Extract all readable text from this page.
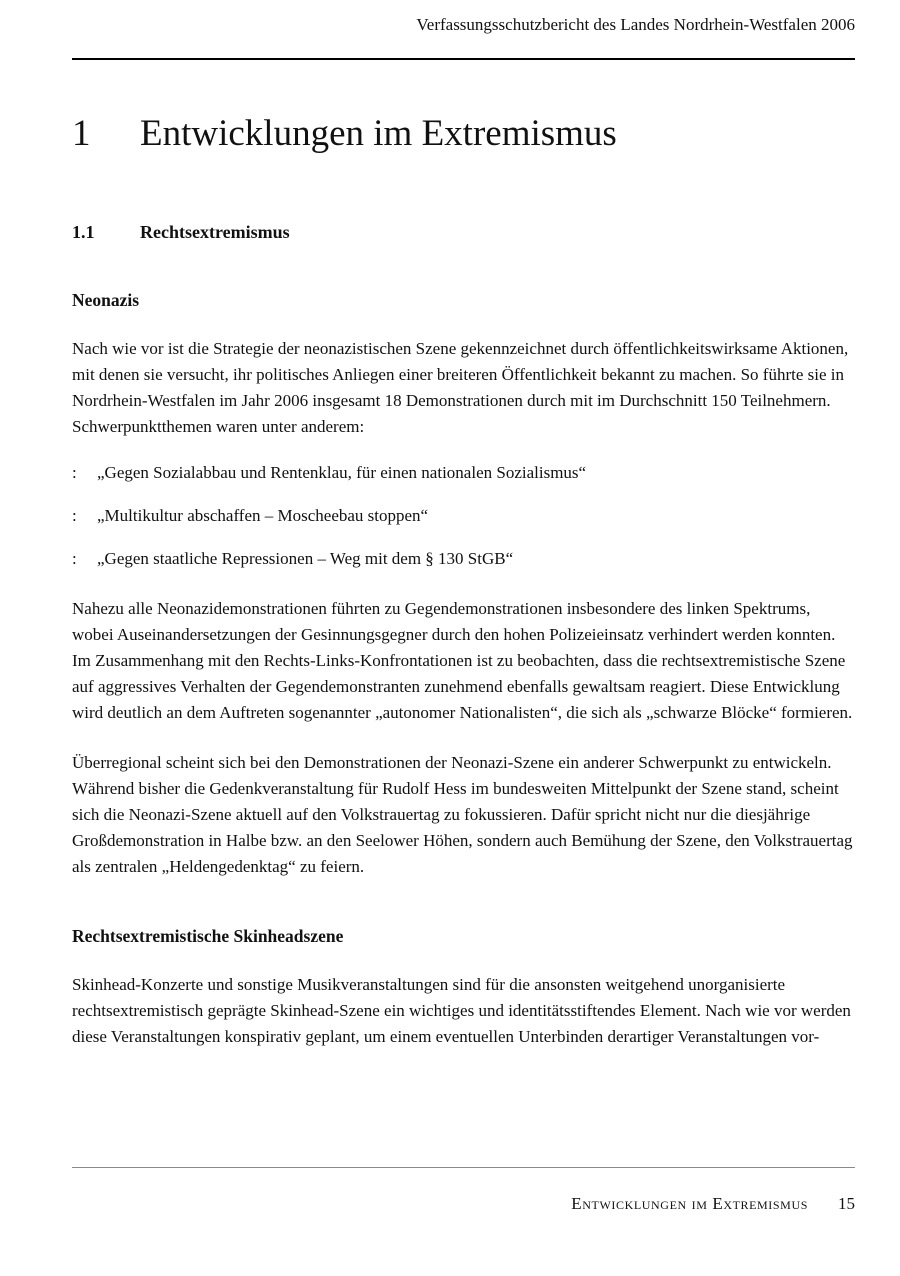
Verfassungsschutzbericht des Landes Nordrhein-Westfalen 2006
1	Entwicklungen im Extremismus
1.1	Rechtsextremismus
Neonazis

Nach wie vor ist die Strategie der neonazistischen Szene gekennzeichnet durch öffentlichkeitswirksame Aktionen, mit denen sie versucht, ihr politisches Anliegen einer breiteren Öffentlichkeit bekannt zu machen. So führte sie in Nordrhein-Westfalen im Jahr 2006 insgesamt 18 Demonstrationen durch mit im Durchschnitt 150 Teilnehmern. Schwerpunktthemen waren unter anderem:

:	„Gegen Sozialabbau und Rentenklau, für einen nationalen Sozialismus“
:	„Multikultur abschaffen – Moscheebau stoppen“
:	„Gegen staatliche Repressionen – Weg mit dem § 130 StGB“

Nahezu alle Neonazidemonstrationen führten zu Gegendemonstrationen insbesondere des linken Spektrums, wobei Auseinandersetzungen der Gesinnungsgegner durch den hohen Polizeieinsatz verhindert werden konnten. Im Zusammenhang mit den Rechts-Links-Konfrontationen ist zu beobachten, dass die rechtsextremistische Szene auf aggressives Verhalten der Gegendemonstranten zunehmend ebenfalls gewaltsam reagiert. Diese Entwicklung wird deutlich an dem Auftreten sogenannter „autonomer Nationalisten“, die sich als „schwarze Blöcke“ formieren.

Überregional scheint sich bei den Demonstrationen der Neonazi-Szene ein anderer Schwerpunkt zu entwickeln. Während bisher die Gedenkveranstaltung für Rudolf Hess im bundesweiten Mittelpunkt der Szene stand, scheint sich die Neonazi-Szene aktuell auf den Volkstrauertag zu fokussieren. Dafür spricht nicht nur die diesjährige Großdemonstration in Halbe bzw. an den Seelower Höhen, sondern auch Bemühung der Szene, den Volkstrauertag als zentralen „Heldengedenktag“ zu feiern.

Rechtsextremistische Skinheadszene

Skinhead-Konzerte und sonstige Musikveranstaltungen sind für die ansonsten weitgehend unorganisierte rechtsextremistisch geprägte Skinhead-Szene ein wichtiges und identitätsstiftendes Element. Nach wie vor werden diese Veranstaltungen konspirativ geplant, um einem eventuellen Unterbinden derartiger Veranstaltungen vor-

Entwicklungen im Extremismus 15
